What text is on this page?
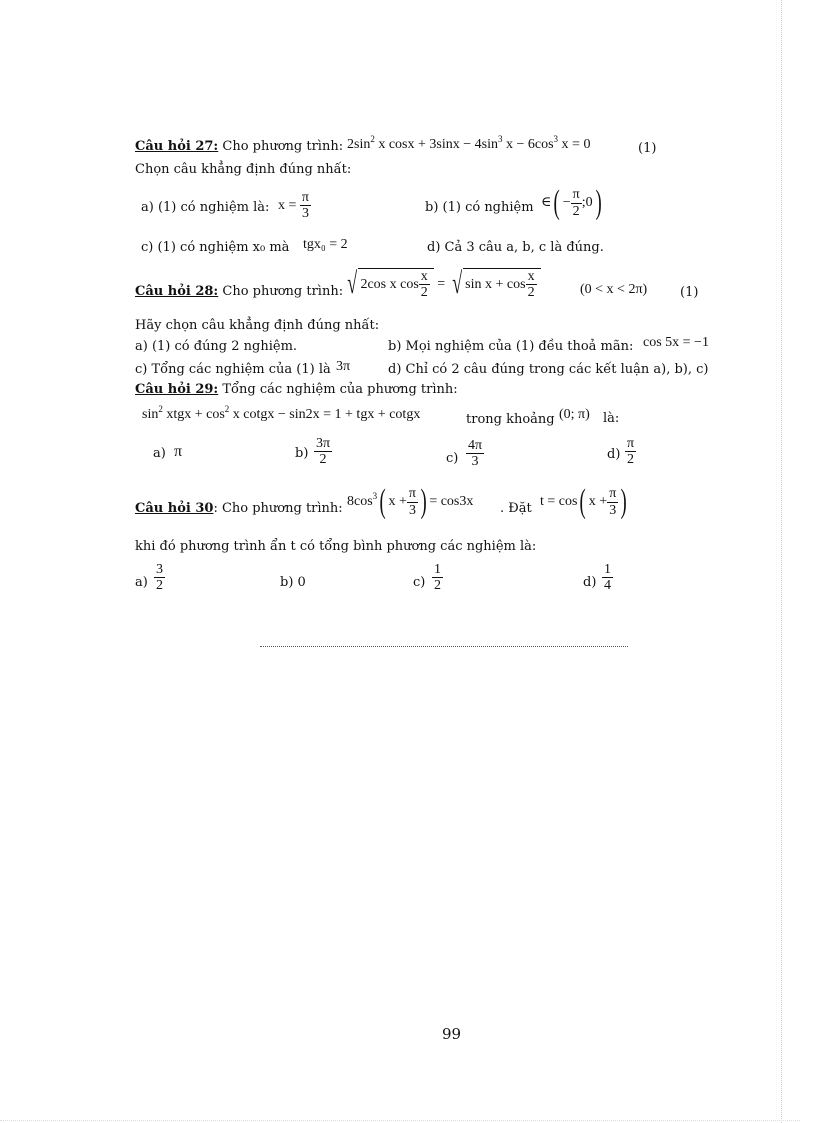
Câu hỏi 27: Cho phương trình: $2\sin^2$ x $\cos x + 3\sin x - 4\sin^3$ $x - 6\cos^3$ x = 0	(1)
Chọn câu khẳng định đúng nhất:
a) (1) có nghiệm là: $x = \frac{\pi}{3}$	b) (1) có nghiệm ∈( − $\frac{\pi}{2}$ ;0)
c) (1) có nghiệm x₀ mà tgx₀ = 2	d) Cả 3 câu a, b, c là đúng.
Câu hỏi 28: Cho phương trình: √ 2cos x $\cos \frac{x}{2}$ = √ $\sin x + \cos \frac{x}{2}$	(0 < x < 2π)	(1)
Hãy chọn câu khẳng định đúng nhất:
a) (1) có đúng 2 nghiệm.	b) Mọi nghiệm của (1) đều thoả mãn: cos 5x = −1
c) Tổng các nghiệm của (1) là 3π	d) Chỉ có 2 câu đúng trong các kết luận a), b), c)
Câu hỏi 29: Tổng các nghiệm của phương trình:
$\sin^2$ xtgx + $\cos^2 x$ cotgx − sin2x = 1 + tgx + cotgx	trong khoảng (0; π) là:
a) π	$b) \frac{3\pi}{2}$	$c) \frac{4\pi}{3}$	$d) \frac{\pi}{2}$
Câu hỏi 30: Cho phương trình: $8\cos^3$( $x + \frac{\pi}{3}$ ) = cos3x . Đặt t = cos( $x + \frac{\pi}{3}$ )
khi đó phương trình ẩn t có tổng bình phương các nghiệm là:
$a) \frac{3}{2}$	b) 0	$c) \frac{1}{2}$	$d) \frac{1}{4}$
99
